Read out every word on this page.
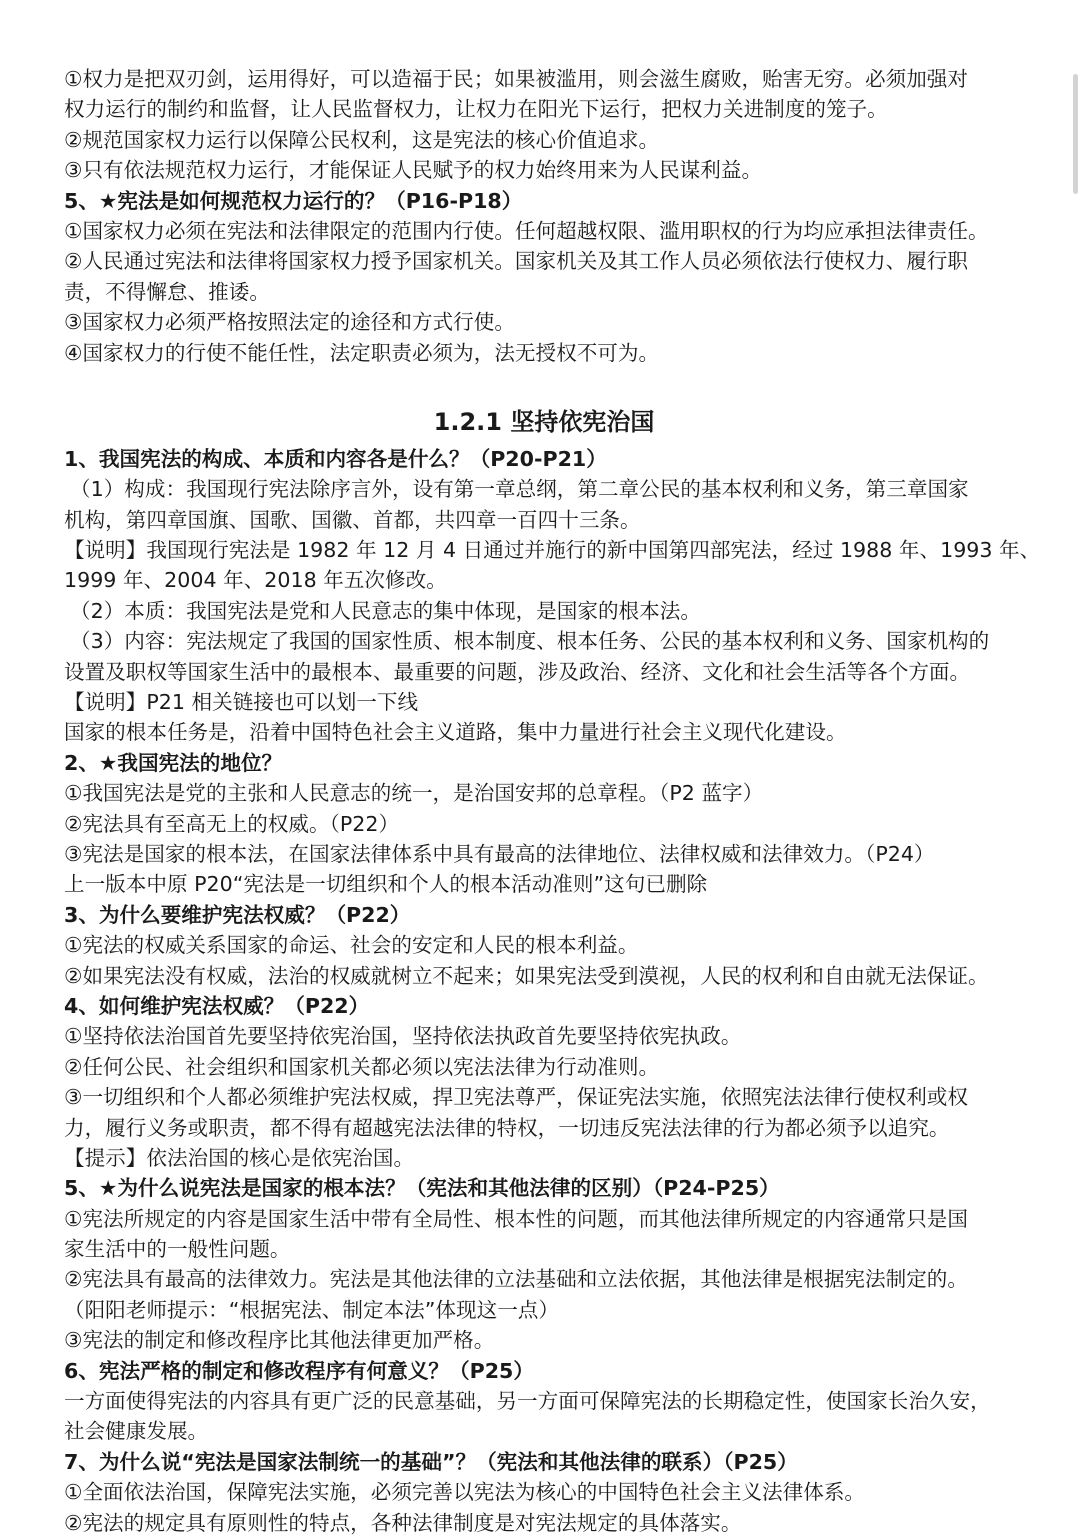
①权力是把双刃剑，运用得好，可以造福于民；如果被滥用，则会滋生腐败，贻害无穷。必须加强对
权力运行的制约和监督，让人民监督权力，让权力在阳光下运行，把权力关进制度的笼子。
②规范国家权力运行以保障公民权利，这是宪法的核心价值追求。
③只有依法规范权力运行，才能保证人民赋予的权力始终用来为人民谋利益。
5、★宪法是如何规范权力运行的？（P16-P18）
①国家权力必须在宪法和法律限定的范围内行使。任何超越权限、滥用职权的行为均应承担法律责任。
②人民通过宪法和法律将国家权力授予国家机关。国家机关及其工作人员必须依法行使权力、履行职
责，不得懈怠、推诿。
③国家权力必须严格按照法定的途径和方式行使。
④国家权力的行使不能任性，法定职责必须为，法无授权不可为。
1.2.1 坚持依宪治国
1、我国宪法的构成、本质和内容各是什么？（P20-P21）
（1）构成：我国现行宪法除序言外，设有第一章总纲，第二章公民的基本权利和义务，第三章国家
机构，第四章国旗、国歌、国徽、首都，共四章一百四十三条。
【说明】我国现行宪法是 1982 年 12 月 4 日通过并施行的新中国第四部宪法，经过 1988 年、1993 年、
1999 年、2004 年、2018 年五次修改。
（2）本质：我国宪法是党和人民意志的集中体现，是国家的根本法。
（3）内容：宪法规定了我国的国家性质、根本制度、根本任务、公民的基本权利和义务、国家机构的
设置及职权等国家生活中的最根本、最重要的问题，涉及政治、经济、文化和社会生活等各个方面。
【说明】P21 相关链接也可以划一下线
国家的根本任务是，沿着中国特色社会主义道路，集中力量进行社会主义现代化建设。
2、★我国宪法的地位？
①我国宪法是党的主张和人民意志的统一，是治国安邦的总章程。（P2 蓝字）
②宪法具有至高无上的权威。（P22）
③宪法是国家的根本法，在国家法律体系中具有最高的法律地位、法律权威和法律效力。（P24）
上一版本中原 P20“宪法是一切组织和个人的根本活动准则”这句已删除
3、为什么要维护宪法权威？（P22）
①宪法的权威关系国家的命运、社会的安定和人民的根本利益。
②如果宪法没有权威，法治的权威就树立不起来；如果宪法受到漠视，人民的权利和自由就无法保证。
4、如何维护宪法权威？（P22）
①坚持依法治国首先要坚持依宪治国，坚持依法执政首先要坚持依宪执政。
②任何公民、社会组织和国家机关都必须以宪法法律为行动准则。
③一切组织和个人都必须维护宪法权威，捍卫宪法尊严，保证宪法实施，依照宪法法律行使权利或权
力，履行义务或职责，都不得有超越宪法法律的特权，一切违反宪法法律的行为都必须予以追究。
【提示】依法治国的核心是依宪治国。
5、★为什么说宪法是国家的根本法？（宪法和其他法律的区别）（P24-P25）
①宪法所规定的内容是国家生活中带有全局性、根本性的问题，而其他法律所规定的内容通常只是国
家生活中的一般性问题。
②宪法具有最高的法律效力。宪法是其他法律的立法基础和立法依据，其他法律是根据宪法制定的。
（阳阳老师提示：“根据宪法、制定本法”体现这一点）
③宪法的制定和修改程序比其他法律更加严格。
6、宪法严格的制定和修改程序有何意义？（P25）
一方面使得宪法的内容具有更广泛的民意基础，另一方面可保障宪法的长期稳定性，使国家长治久安，
社会健康发展。
7、为什么说“宪法是国家法制统一的基础”？（宪法和其他法律的联系）（P25）
①全面依法治国，保障宪法实施，必须完善以宪法为核心的中国特色社会主义法律体系。
②宪法的规定具有原则性的特点，各种法律制度是对宪法规定的具体落实。
